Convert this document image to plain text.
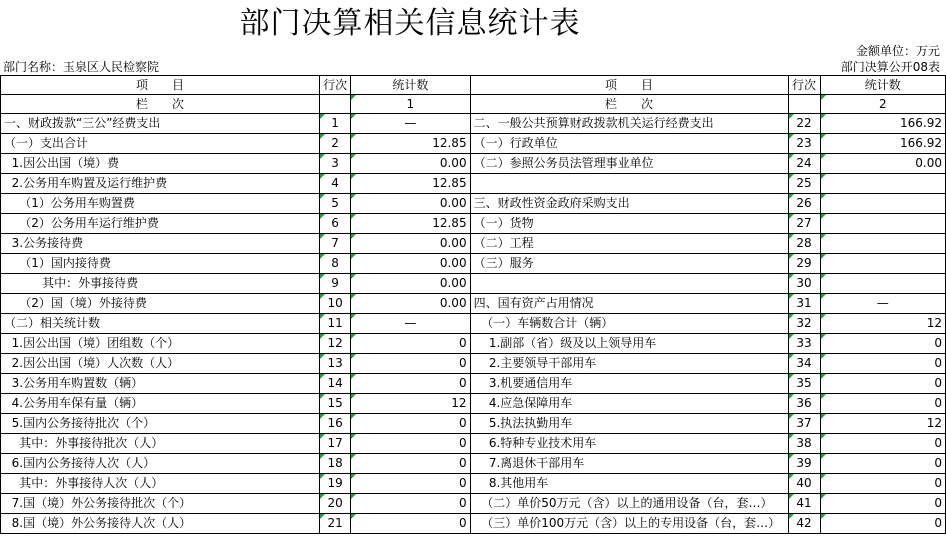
部门决算相关信息统计表
金额单位：万元
部门名称：玉泉区人民检察院	部门决算公开08表
项　　目	行次	统计数	项　　目	行次	统计数
栏　　次		1	栏　　次		2
一、财政拨款“三公”经费支出	1	—	二、一般公共预算财政拨款机关运行经费支出	22	166.92
（一）支出合计	2	12.85	（一）行政单位	23	166.92
1.因公出国（境）费	3	0.00	（二）参照公务员法管理事业单位	24	0.00
2.公务用车购置及运行维护费	4	12.85		25	
（1）公务用车购置费	5	0.00	三、财政性资金政府采购支出	26	
（2）公务用车运行维护费	6	12.85	（一）货物	27	
3.公务接待费	7	0.00	（二）工程	28	
（1）国内接待费	8	0.00	（三）服务	29	
其中：外事接待费	9	0.00		30	
（2）国（境）外接待费	10	0.00	四、国有资产占用情况	31	—
（二）相关统计数	11	—	（一）车辆数合计（辆）	32	12
1.因公出国（境）团组数（个）	12	0	1.副部（省）级及以上领导用车	33	0
2.因公出国（境）人次数（人）	13	0	2.主要领导干部用车	34	0
3.公务用车购置数（辆）	14	0	3.机要通信用车	35	0
4.公务用车保有量（辆）	15	12	4.应急保障用车	36	0
5.国内公务接待批次（个）	16	0	5.执法执勤用车	37	12
其中：外事接待批次（人）	17	0	6.特种专业技术用车	38	0
6.国内公务接待人次（人）	18	0	7.离退休干部用车	39	0
其中：外事接待人次（人）	19	0	8.其他用车	40	0
7.国（境）外公务接待批次（个）	20	0	（二）单价50万元（含）以上的通用设备（台，套…）	41	0
8.国（境）外公务接待人次（人）	21	0	（三）单价100万元（含）以上的专用设备（台，套…）	42	0
